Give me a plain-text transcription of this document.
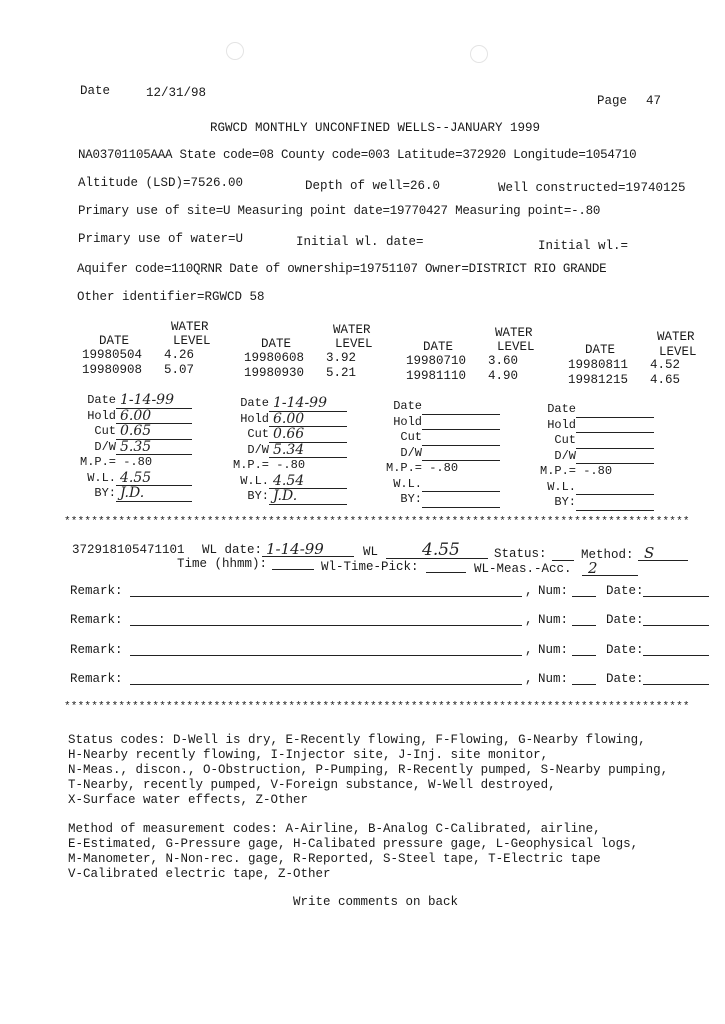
Date	12/31/98
Page 47
RGWCD MONTHLY UNCONFINED WELLS--JANUARY 1999
NA03701105AAA State code=08 County code=003 Latitude=372920 Longitude=1054710
Altitude (LSD)=7526.00	Depth of well=26.0	Well constructed=19740125
Primary use of site=U Measuring point date=19770427 Measuring point=-.80
Primary use of water=U	Initial wl. date=	Initial wl.=
Aquifer code=110QRNR Date of ownership=19751107 Owner=DISTRICT RIO GRANDE
Other identifier=RGWCD 58
WATER
DATE	LEVEL
19980504 4.26
19980908 5.07
WATER
DATE	LEVEL
19980608 3.92
19980930 5.21
WATER
DATE	LEVEL
19980710 3.60
19981110 4.90
WATER
DATE	LEVEL
19980811 4.52
19981215 4.65
Date 1-14-99
Hold 6.00
Cut 0.65
D/W 5.35
M.P.= -.80
W.L. 4.55
BY: J.D.
Date 1-14-99
Hold 6.00
Cut 0.66
D/W 5.34
M.P.= -.80
W.L. 4.54
BY: J.D.
Date
Hold
Cut
D/W
M.P.= -.80
W.L.
BY:
Date
Hold
Cut
D/W
M.P.= -.80
W.L.
BY:
********************************************************************************************
372918105471101 WL date: 1-14-99	WL	4.55	Status:	Method: S
Time (hhmm):	Wl-Time-Pick:	WL-Meas.-Acc. 2
Remark:	, Num:	Date:
Remark:	, Num:	Date:
Remark:	, Num:	Date:
Remark:	, Num:	Date:
********************************************************************************************
Status codes: D-Well is dry, E-Recently flowing, F-Flowing, G-Nearby flowing,
H-Nearby recently flowing, I-Injector site, J-Inj. site monitor,
N-Meas., discon., O-Obstruction, P-Pumping, R-Recently pumped, S-Nearby pumping,
T-Nearby, recently pumped, V-Foreign substance, W-Well destroyed,
X-Surface water effects, Z-Other
Method of measurement codes: A-Airline, B-Analog C-Calibrated, airline,
E-Estimated, G-Pressure gage, H-Calibated pressure gage, L-Geophysical logs,
M-Manometer, N-Non-rec. gage, R-Reported, S-Steel tape, T-Electric tape
V-Calibrated electric tape, Z-Other
Write comments on back
